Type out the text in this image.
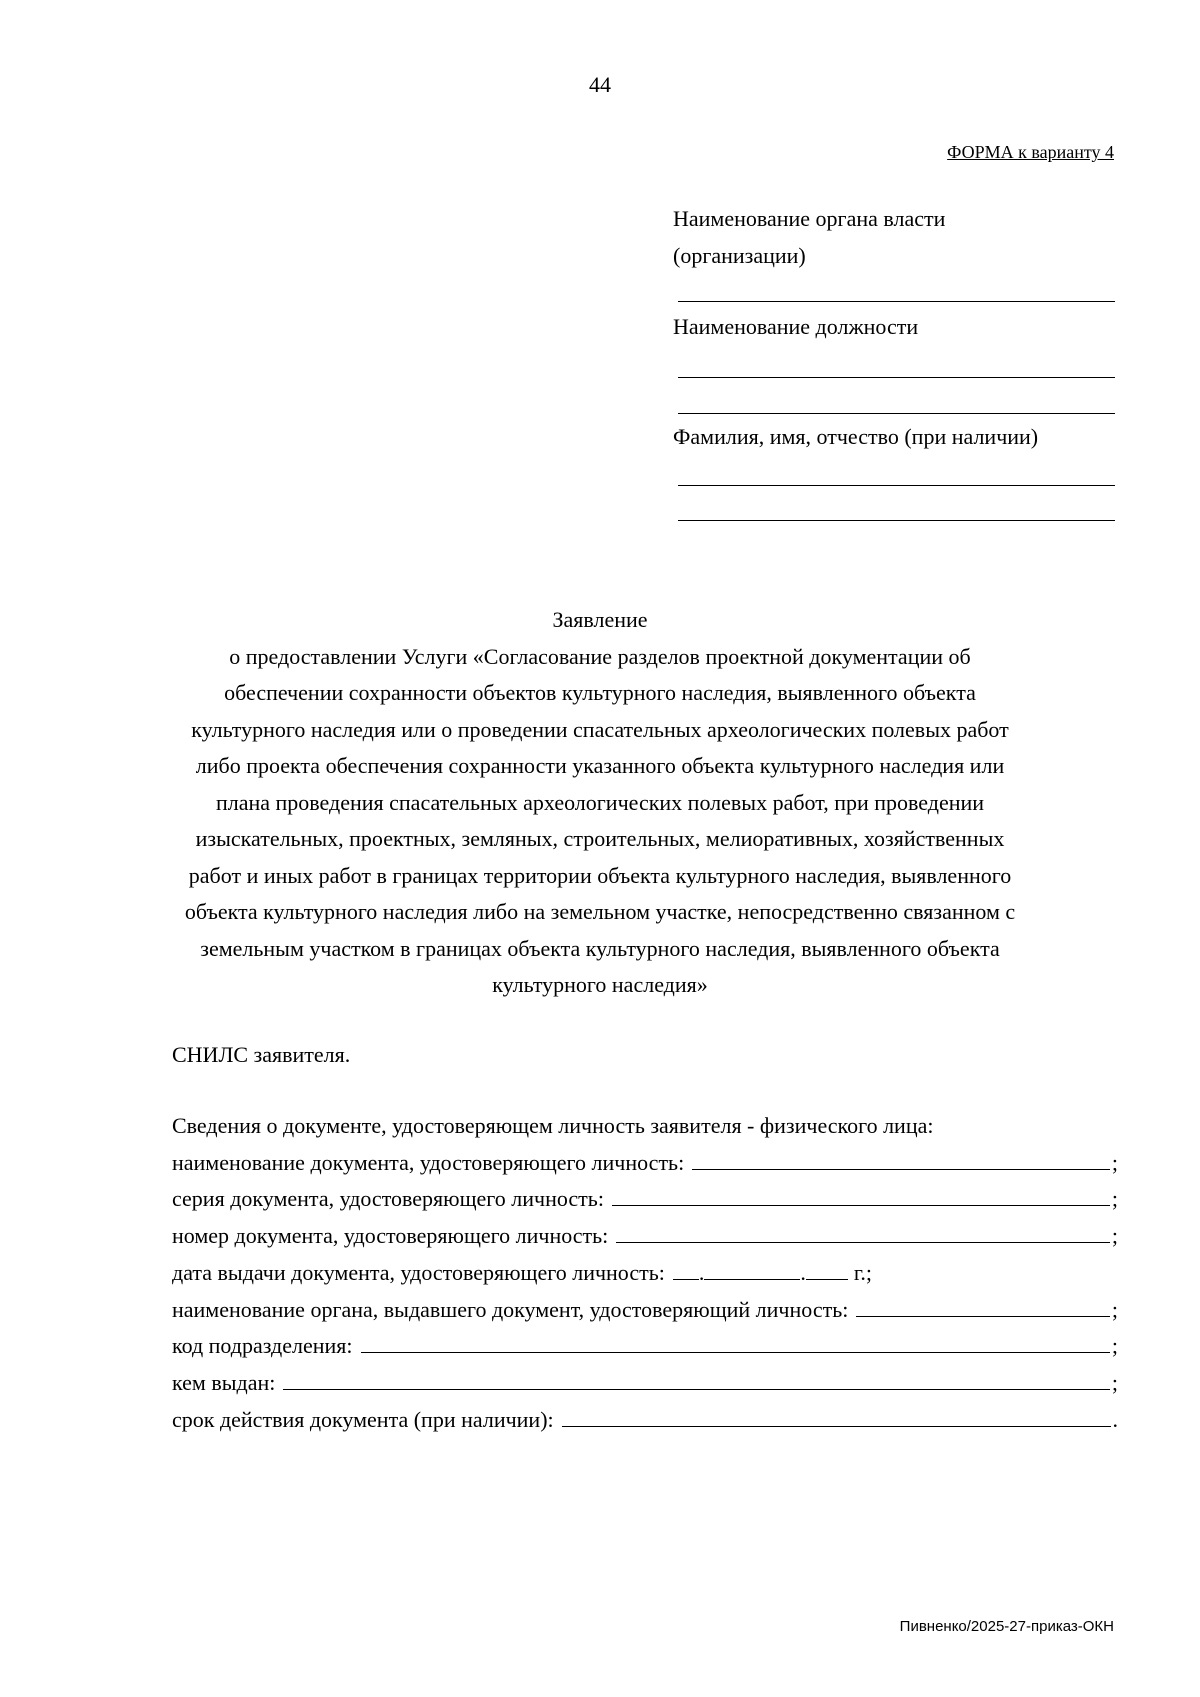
44
ФОРМА к варианту 4

Наименование органа власти

(организации)

Наименование должности

Фамилия, имя, отчество (при наличии)

Заявление

о предоставлении Услуги «Согласование разделов проектной документации об

обеспечении сохранности объектов культурного наследия, выявленного объекта

культурного наследия или о проведении спасательных археологических полевых работ

либо проекта обеспечения сохранности указанного объекта культурного наследия или

плана проведения спасательных археологических полевых работ, при проведении

изыскательных, проектных, земляных, строительных, мелиоративных, хозяйственных

работ и иных работ в границах территории объекта культурного наследия, выявленного

объекта культурного наследия либо на земельном участке, непосредственно связанном с

земельным участком в границах объекта культурного наследия, выявленного объекта

культурного наследия»

СНИЛС заявителя.
Сведения о документе, удостоверяющем личность заявителя - физического лица:
наименование документа, удостоверяющего личность:	;
серия документа, удостоверяющего личность:	;
номер документа, удостоверяющего личность:	;
дата выдачи документа, удостоверяющего личность:	.	.	г.;
наименование органа, выдавшего документ, удостоверяющий личность:	;
код подразделения:	;
кем выдан:	;
срок действия документа (при наличии):	.
Пивненко/2025-27-приказ-ОКН
